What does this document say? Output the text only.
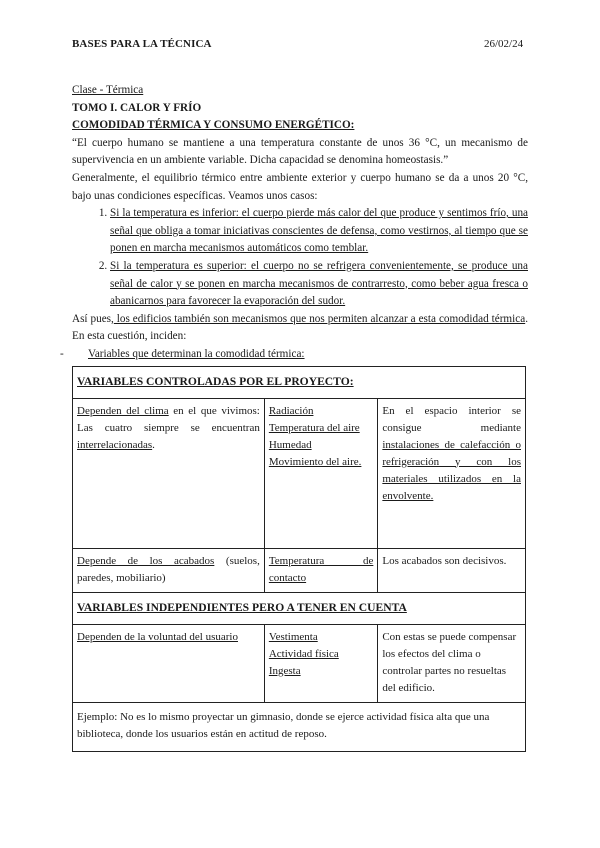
BASES PARA LA TÉCNICA	26/02/24

Clase - Térmica

TOMO I. CALOR Y FRÍO

COMODIDAD TÉRMICA Y CONSUMO ENERGÉTICO:

“El cuerpo humano se mantiene a una temperatura constante de unos 36 °C, un mecanismo de supervivencia en un ambiente variable. Dicha capacidad se denomina homeostasis.”

Generalmente, el equilibrio térmico entre ambiente exterior y cuerpo humano se da a unos 20 °C, bajo unas condiciones específicas. Veamos unos casos:

1. Si la temperatura es inferior: el cuerpo pierde más calor del que produce y sentimos frío, una señal que obliga a tomar iniciativas conscientes de defensa, como vestirnos, al tiempo que se ponen en marcha mecanismos automáticos como temblar.
2. Si la temperatura es superior: el cuerpo no se refrigera convenientemente, se produce una señal de calor y se ponen en marcha mecanismos de contrarresto, como beber agua fresca o abanicarnos para favorecer la evaporación del sudor.

Así pues, los edificios también son mecanismos que nos permiten alcanzar a esta comodidad térmica. En esta cuestión, inciden:

- Variables que determinan la comodidad térmica:

VARIABLES CONTROLADAS POR EL PROYECTO:		
Dependen del clima en el que vivimos: Las cuatro siempre se encuentran interrelacionadas.	Radiación
Temperatura del aire
Humedad
Movimiento del aire.	En el espacio interior se consigue mediante instalaciones de calefacción o refrigeración y con los materiales utilizados en la envolvente.
Depende de los acabados (suelos, paredes, mobiliario)	Temperatura de contacto	Los acabados son decisivos.
VARIABLES INDEPENDIENTES PERO A TENER EN CUENTA		
Dependen de la voluntad del usuario	Vestimenta
Actividad física
Ingesta	Con estas se puede compensar los efectos del clima o controlar partes no resueltas del edificio.
Ejemplo: No es lo mismo proyectar un gimnasio, donde se ejerce actividad física alta que una biblioteca, donde los usuarios están en actitud de reposo.		
